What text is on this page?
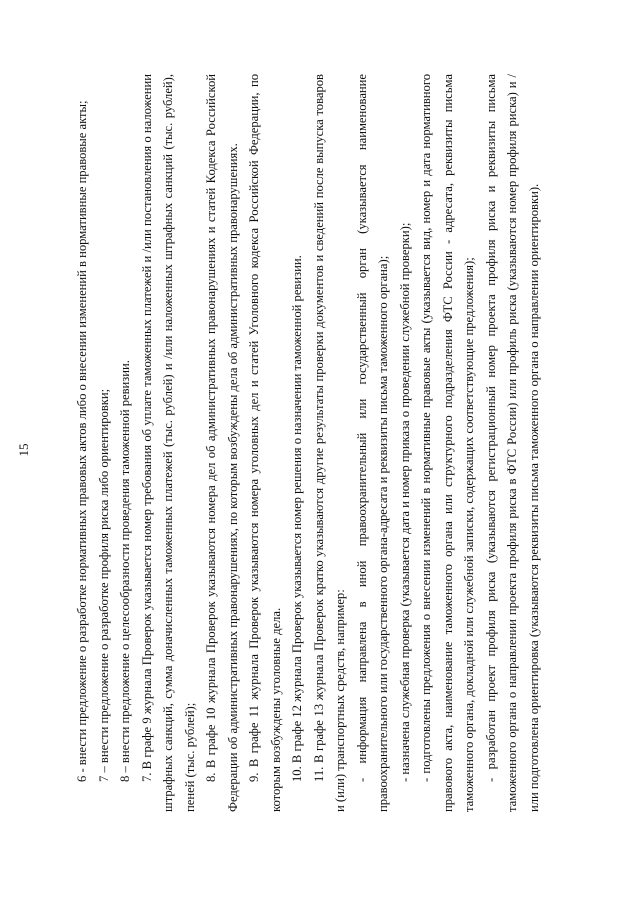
15	6 - внести предложение о разработке нормативных правовых актов либо о внесении изменений в нормативные правовые акты; 7 – внести предложение о разработке профиля риска либо ориентировки; 8 – внести предложение о целесообразности проведения таможенной ревизии. 7. В графе 9 журнала Проверок указывается номер требования об уплате таможенных платежей и /или постановления о наложении штрафных санкций, сумма доначисленных таможенных платежей (тыс. рублей) и /или наложенных штрафных санкций (тыс. рублей), пеней (тыс. рублей); 8. В графе 10 журнала Проверок указываются номера дел об административных правонарушениях и статей Кодекса Российской Федерации об административных правонарушениях, по которым возбуждены дела об административных правонарушениях. 9. В графе 11 журнала Проверок указываются номера уголовных дел и статей Уголовного кодекса Российской Федерации, по которым возбуждены уголовные дела. 10. В графе 12 журнала Проверок указывается номер решения о назначении таможенной ревизии. 11. В графе 13 журнала Проверок кратко указываются другие результаты проверки документов и сведений после выпуска товаров и (или) транспортных средств, например: - информация направлена в иной правоохранительный или государственный орган (указывается наименование правоохранительного или государственного органа-адресата и реквизиты письма таможенного органа); - назначена служебная проверка (указывается дата и номер приказа о проведении служебной проверки); - подготовлены предложения о внесении изменений в нормативные правовые акты (указывается вид, номер и дата нормативного правового акта, наименование таможенного органа или структурного подразделения ФТС России - адресата, реквизиты письма таможенного органа, докладной или служебной записки, содержащих соответствующие предложения); - разработан проект профиля риска (указываются регистрационный номер проекта профиля риска и реквизиты письма таможенного органа о направлении проекта профиля риска в ФТС России) или профиль риска (указываются номер профиля риска) и /или подготовлена ориентировка (указываются реквизиты письма таможенного органа о направлении ориентировки).
